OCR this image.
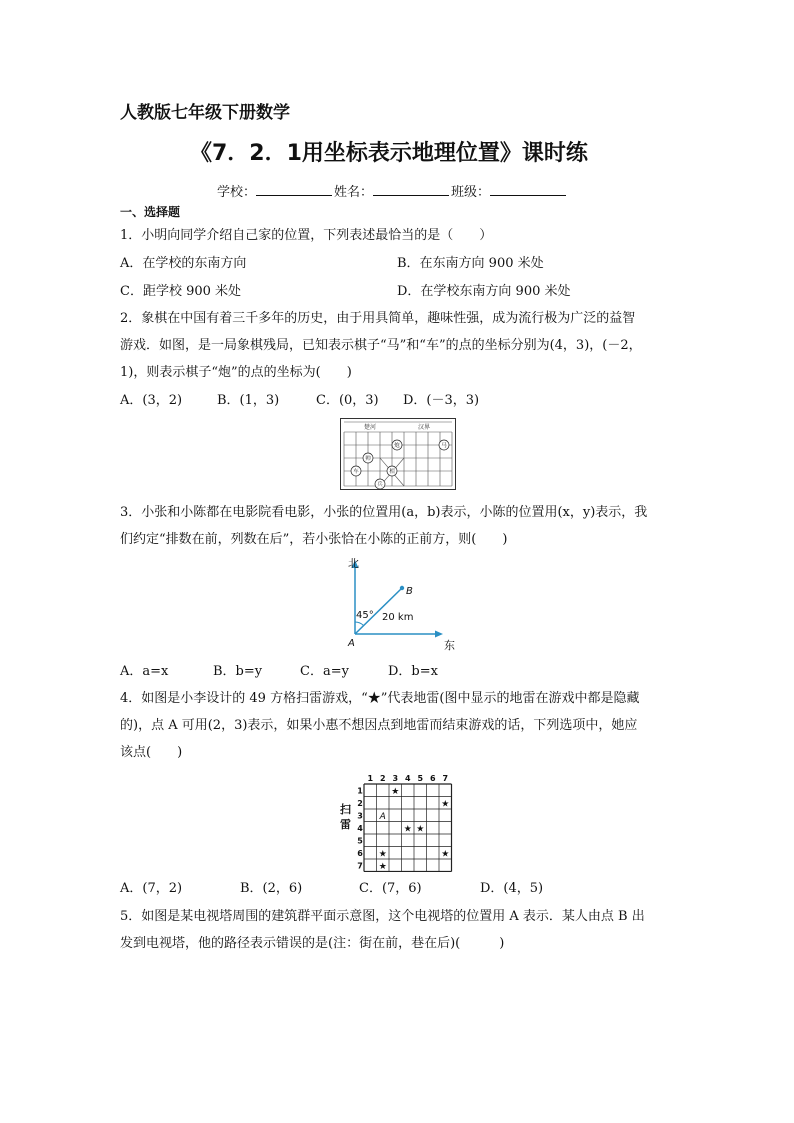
人教版七年级下册数学
《7．2．1用坐标表示地理位置》课时练
学校：	姓名：	班级：
一、选择题
1．小明向同学介绍自己家的位置，下列表述最恰当的是（　　）
A．在学校的东南方向	B．在东南方向 900 米处
C．距学校 900 米处	D．在学校东南方向 900 米处
2．象棋在中国有着三千多年的历史，由于用具简单，趣味性强，成为流行极为广泛的益智
游戏．如图，是一局象棋残局，已知表示棋子“马”和“车”的点的坐标分别为(4，3)，(－2，
1)，则表示棋子“炮”的点的坐标为(　　)
A．(3，2)	B．(1，3)	C．(0，3) D．(－3，3)
楚河	汉界
炮	马
帅
相
车
兵
3．小张和小陈都在电影院看电影，小张的位置用(a，b)表示，小陈的位置用(x，y)表示，我
们约定“排数在前，列数在后”，若小张恰在小陈的正前方，则(　　)
北
东
45° 20 km
A
B
A．a=x	B．b=y	C．a=y	D．b=x
4．如图是小李设计的 49 方格扫雷游戏，“★”代表地雷(图中显示的地雷在游戏中都是隐藏
的)，点 A 可用(2，3)表示，如果小惠不想因点到地雷而结束游戏的话，下列选项中，她应
该点(　　)
1 2 3 4 5 6 7
1
2
3
4
5
6
7
★
★
★ ★
★	★
★
A
扫
雷
A．(7，2)	B．(2，6)	C．(7，6)	D．(4，5)
5．如图是某电视塔周围的建筑群平面示意图，这个电视塔的位置用 A 表示．某人由点 B 出
发到电视塔，他的路径表示错误的是(注：街在前，巷在后)(　　　)
